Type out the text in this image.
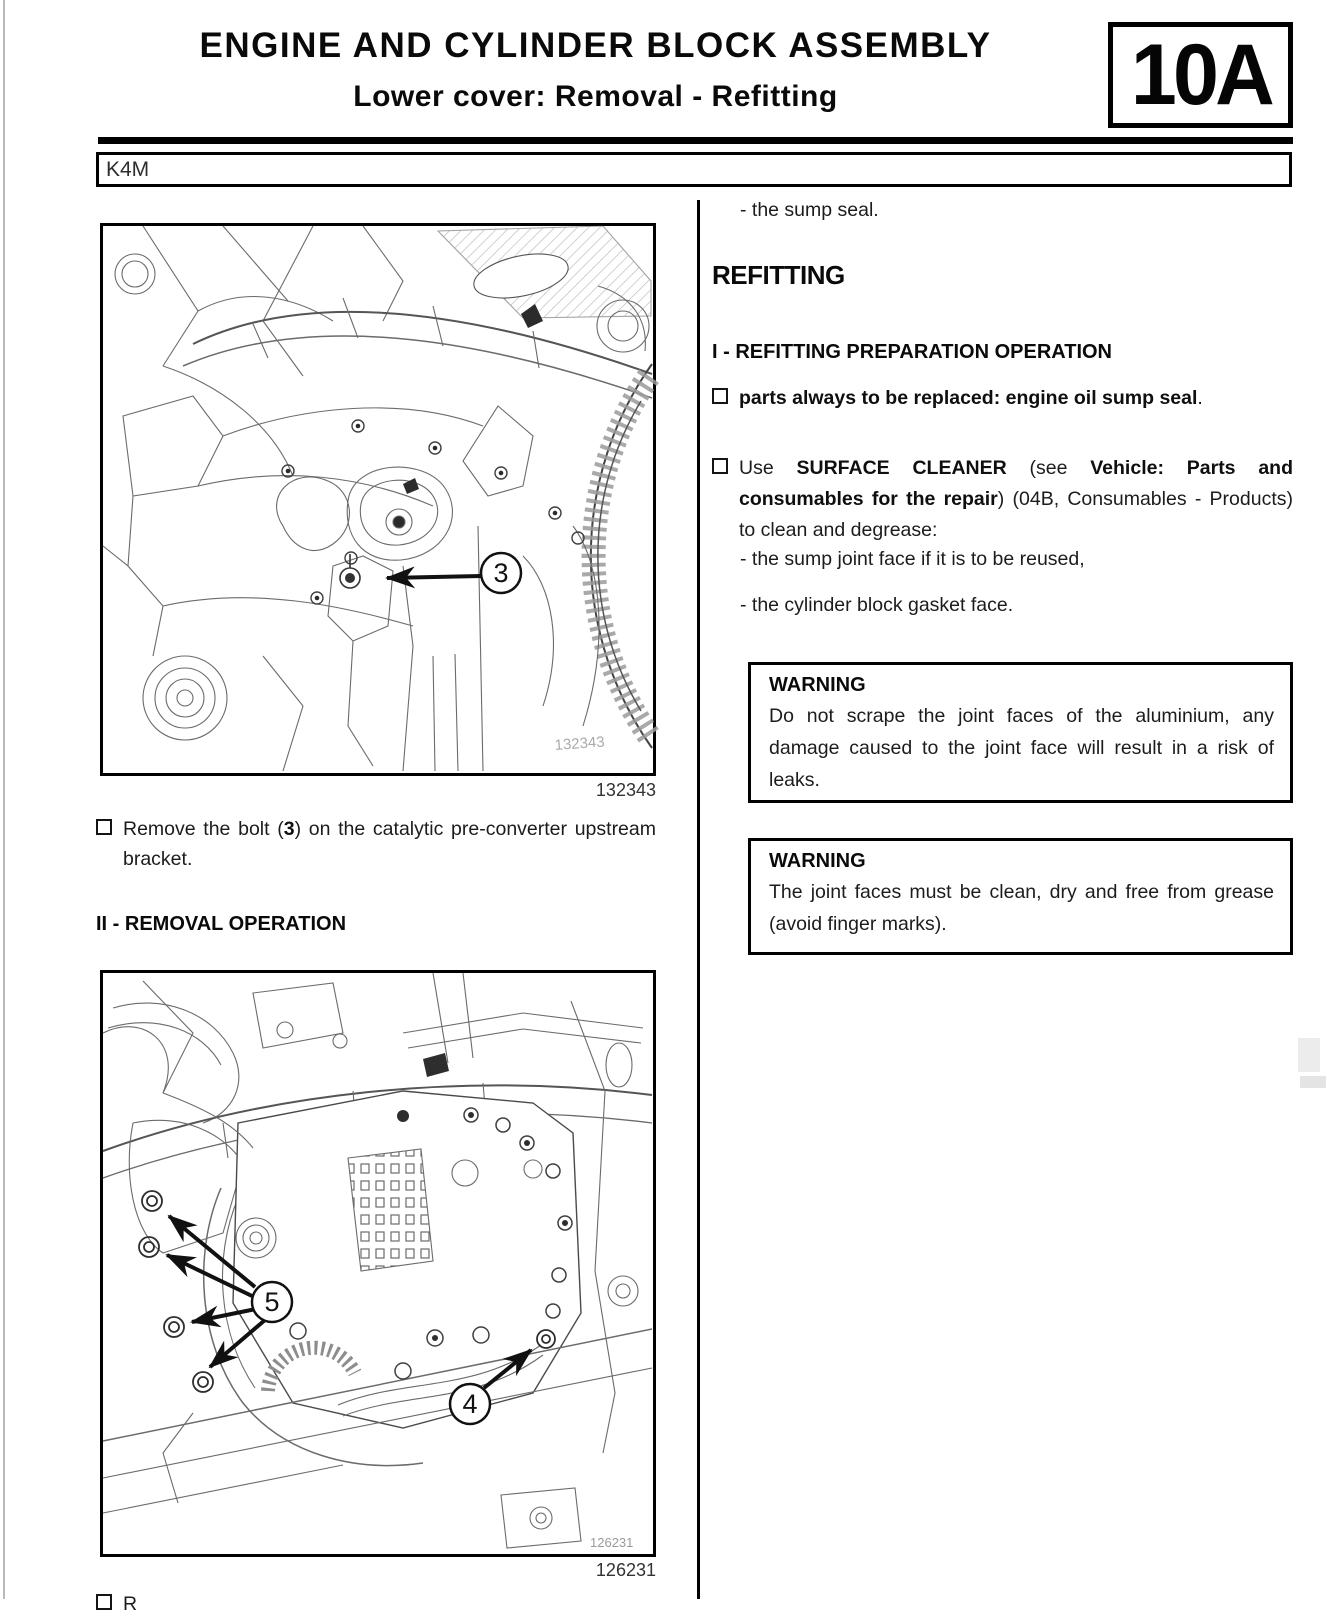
ENGINE AND CYLINDER BLOCK ASSEMBLY
Lower cover: Removal - Refitting	10A
K4M
3
132343
132343
Remove the bolt (3) on the catalytic pre-converter upstream bracket.
II - REMOVAL OPERATION
5
4
126231
126231
R
- the sump seal.
REFITTING
I - REFITTING PREPARATION OPERATION
parts always to be replaced: engine oil sump seal.
Use SURFACE CLEANER (see Vehicle: Parts and consumables for the repair) (04B, Consumables - Products) to clean and degrease:
- the sump joint face if it is to be reused,
- the cylinder block gasket face.
WARNING
Do not scrape the joint faces of the aluminium, any damage caused to the joint face will result in a risk of leaks.
WARNING
The joint faces must be clean, dry and free from grease (avoid finger marks).
